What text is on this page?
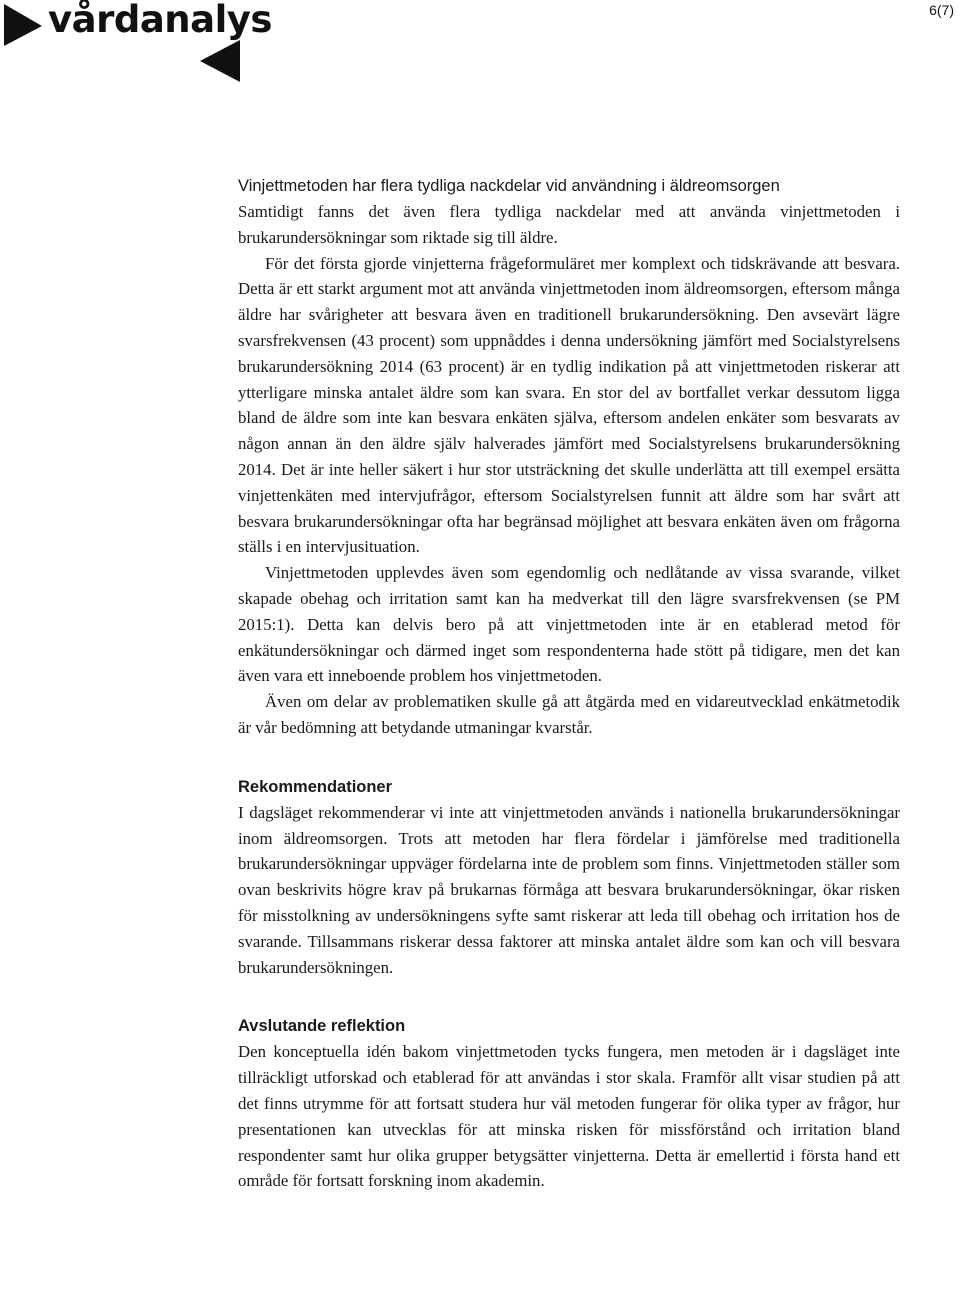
vårdanalys	6(7)
Vinjettmetoden har flera tydliga nackdelar vid användning i äldreomsorgen

Samtidigt fanns det även flera tydliga nackdelar med att använda vinjettmetoden i brukarundersökningar som riktade sig till äldre.

För det första gjorde vinjetterna frågeformuläret mer komplext och tidskrävande att besvara. Detta är ett starkt argument mot att använda vinjettmetoden inom äldreomsorgen, eftersom många äldre har svårigheter att besvara även en traditionell brukarundersökning. Den avsevärt lägre svarsfrekvensen (43 procent) som uppnåddes i denna undersökning jämfört med Socialstyrelsens brukarundersökning 2014 (63 procent) är en tydlig indikation på att vinjettmetoden riskerar att ytterligare minska antalet äldre som kan svara. En stor del av bortfallet verkar dessutom ligga bland de äldre som inte kan besvara enkäten själva, eftersom andelen enkäter som besvarats av någon annan än den äldre själv halverades jämfört med Socialstyrelsens brukarundersökning 2014. Det är inte heller säkert i hur stor utsträckning det skulle underlätta att till exempel ersätta vinjettenkäten med intervjufrågor, eftersom Socialstyrelsen funnit att äldre som har svårt att besvara brukarundersökningar ofta har begränsad möjlighet att besvara enkäten även om frågorna ställs i en intervjusituation.

Vinjettmetoden upplevdes även som egendomlig och nedlåtande av vissa svarande, vilket skapade obehag och irritation samt kan ha medverkat till den lägre svarsfrekvensen (se PM 2015:1). Detta kan delvis bero på att vinjettmetoden inte är en etablerad metod för enkätundersökningar och därmed inget som respondenterna hade stött på tidigare, men det kan även vara ett inneboende problem hos vinjettmetoden.

Även om delar av problematiken skulle gå att åtgärda med en vidareutvecklad enkätmetodik är vår bedömning att betydande utmaningar kvarstår.

Rekommendationer

I dagsläget rekommenderar vi inte att vinjettmetoden används i nationella brukarundersökningar inom äldreomsorgen. Trots att metoden har flera fördelar i jämförelse med traditionella brukarundersökningar uppväger fördelarna inte de problem som finns. Vinjettmetoden ställer som ovan beskrivits högre krav på brukarnas förmåga att besvara brukarundersökningar, ökar risken för misstolkning av undersökningens syfte samt riskerar att leda till obehag och irritation hos de svarande. Tillsammans riskerar dessa faktorer att minska antalet äldre som kan och vill besvara brukarundersökningen.

Avslutande reflektion

Den konceptuella idén bakom vinjettmetoden tycks fungera, men metoden är i dagsläget inte tillräckligt utforskad och etablerad för att användas i stor skala. Framför allt visar studien på att det finns utrymme för att fortsatt studera hur väl metoden fungerar för olika typer av frågor, hur presentationen kan utvecklas för att minska risken för missförstånd och irritation bland respondenter samt hur olika grupper betygsätter vinjetterna. Detta är emellertid i första hand ett område för fortsatt forskning inom akademin.
